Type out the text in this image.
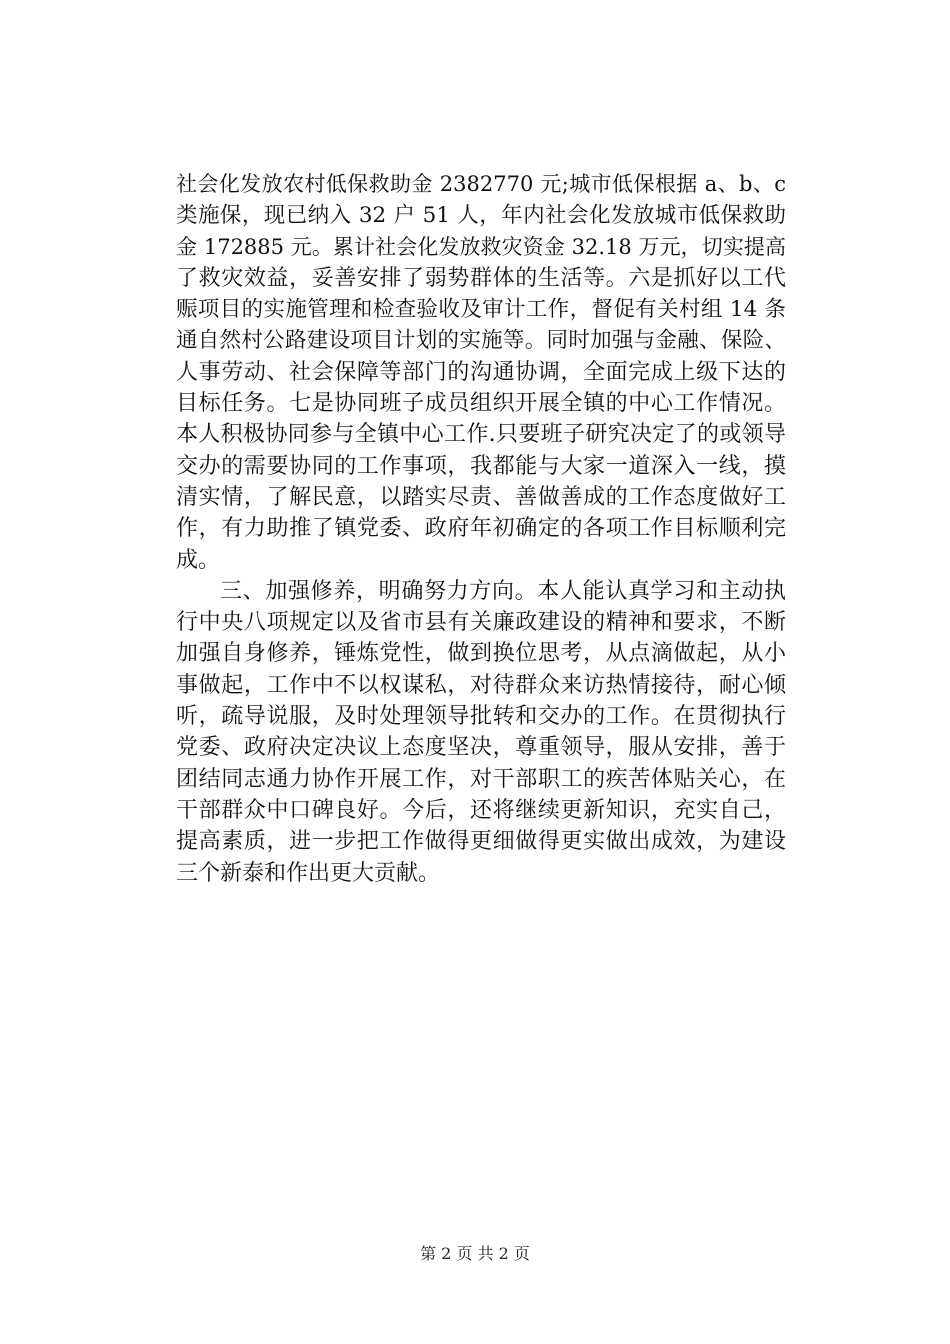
社会化发放农村低保救助金 2382770 元;城市低保根据 a、b、c
类施保，现已纳入 32 户 51 人，年内社会化发放城市低保救助
金 172885 元。累计社会化发放救灾资金 32.18 万元，切实提高
了救灾效益，妥善安排了弱势群体的生活等。六是抓好以工代
赈项目的实施管理和检查验收及审计工作，督促有关村组 14 条
通自然村公路建设项目计划的实施等。同时加强与金融、保险、
人事劳动、社会保障等部门的沟通协调，全面完成上级下达的
目标任务。七是协同班子成员组织开展全镇的中心工作情况。
本人积极协同参与全镇中心工作.只要班子研究决定了的或领导
交办的需要协同的工作事项，我都能与大家一道深入一线，摸
清实情，了解民意，以踏实尽责、善做善成的工作态度做好工
作，有力助推了镇党委、政府年初确定的各项工作目标顺利完
成。
三、加强修养，明确努力方向。本人能认真学习和主动执
行中央八项规定以及省市县有关廉政建设的精神和要求，不断
加强自身修养，锤炼党性，做到换位思考，从点滴做起，从小
事做起，工作中不以权谋私，对待群众来访热情接待，耐心倾
听，疏导说服，及时处理领导批转和交办的工作。在贯彻执行
党委、政府决定决议上态度坚决，尊重领导，服从安排，善于
团结同志通力协作开展工作，对干部职工的疾苦体贴关心，在
干部群众中口碑良好。今后，还将继续更新知识，充实自己，
提高素质，进一步把工作做得更细做得更实做出成效，为建设
三个新泰和作出更大贡献。
第 2 页 共 2 页
